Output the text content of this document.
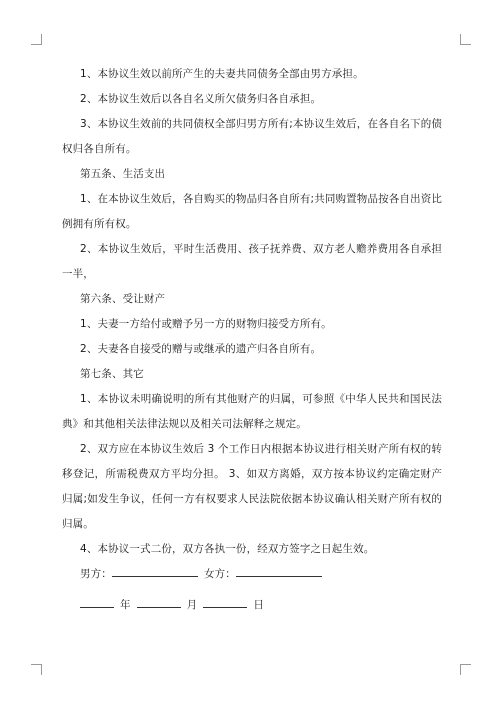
1、本协议生效以前所产生的夫妻共同债务全部由男方承担。

2、本协议生效后以各自名义所欠债务归各自承担。

3、本协议生效前的共同债权全部归男方所有;本协议生效后，在各自名下的债权归各自所有。

第五条、生活支出

1、在本协议生效后，各自购买的物品归各自所有;共同购置物品按各自出资比例拥有所有权。

2、本协议生效后，平时生活费用、孩子抚养费、双方老人赡养费用各自承担一半，

第六条、受让财产

1、夫妻一方给付或赠予另一方的财物归接受方所有。

2、夫妻各自接受的赠与或继承的遗产归各自所有。

第七条、其它

1、本协议未明确说明的所有其他财产的归属，可参照《中华人民共和国民法典》和其他相关法律法规以及相关司法解释之规定。

2、双方应在本协议生效后 3 个工作日内根据本协议进行相关财产所有权的转移登记，所需税费双方平均分担。 3、如双方离婚，双方按本协议约定确定财产归属;如发生争议，任何一方有权要求人民法院依据本协议确认相关财产所有权的归属。

4、本协议一式二份，双方各执一份，经双方签字之日起生效。

男方：	女方：

年	月	日
